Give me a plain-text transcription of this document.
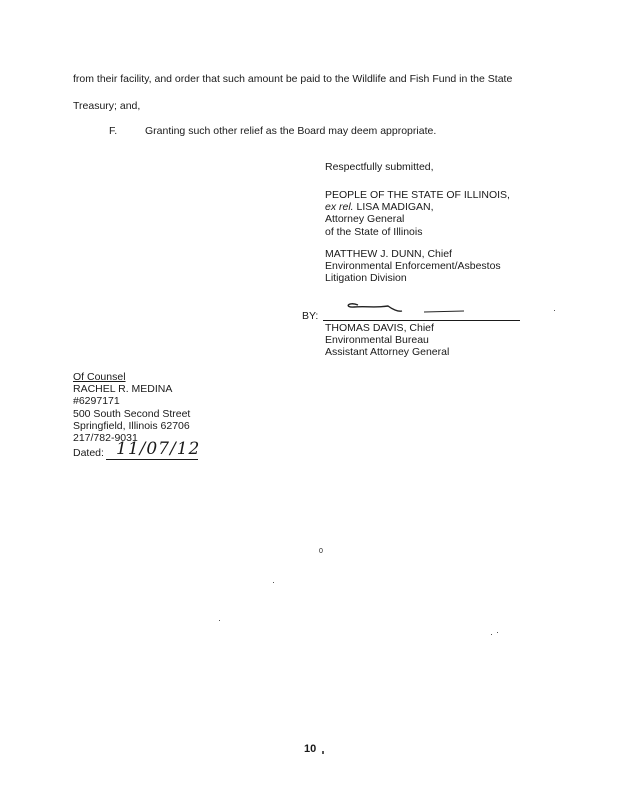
from their facility, and order that such amount be paid to the Wildlife and Fish Fund in the State
Treasury; and,
F.	Granting such other relief as the Board may deem appropriate.
Respectfully submitted,
PEOPLE OF THE STATE OF ILLINOIS,
ex rel. LISA MADIGAN,
Attorney General
of the State of Illinois
MATTHEW J. DUNN, Chief
Environmental Enforcement/Asbestos
Litigation Division
BY:
THOMAS DAVIS, Chief
Environmental Bureau
Assistant Attorney General
Of Counsel
RACHEL R. MEDINA
#6297171
500 South Second Street
Springfield, Illinois 62706
217/782-9031
Dated: 11/07/12
0
10
